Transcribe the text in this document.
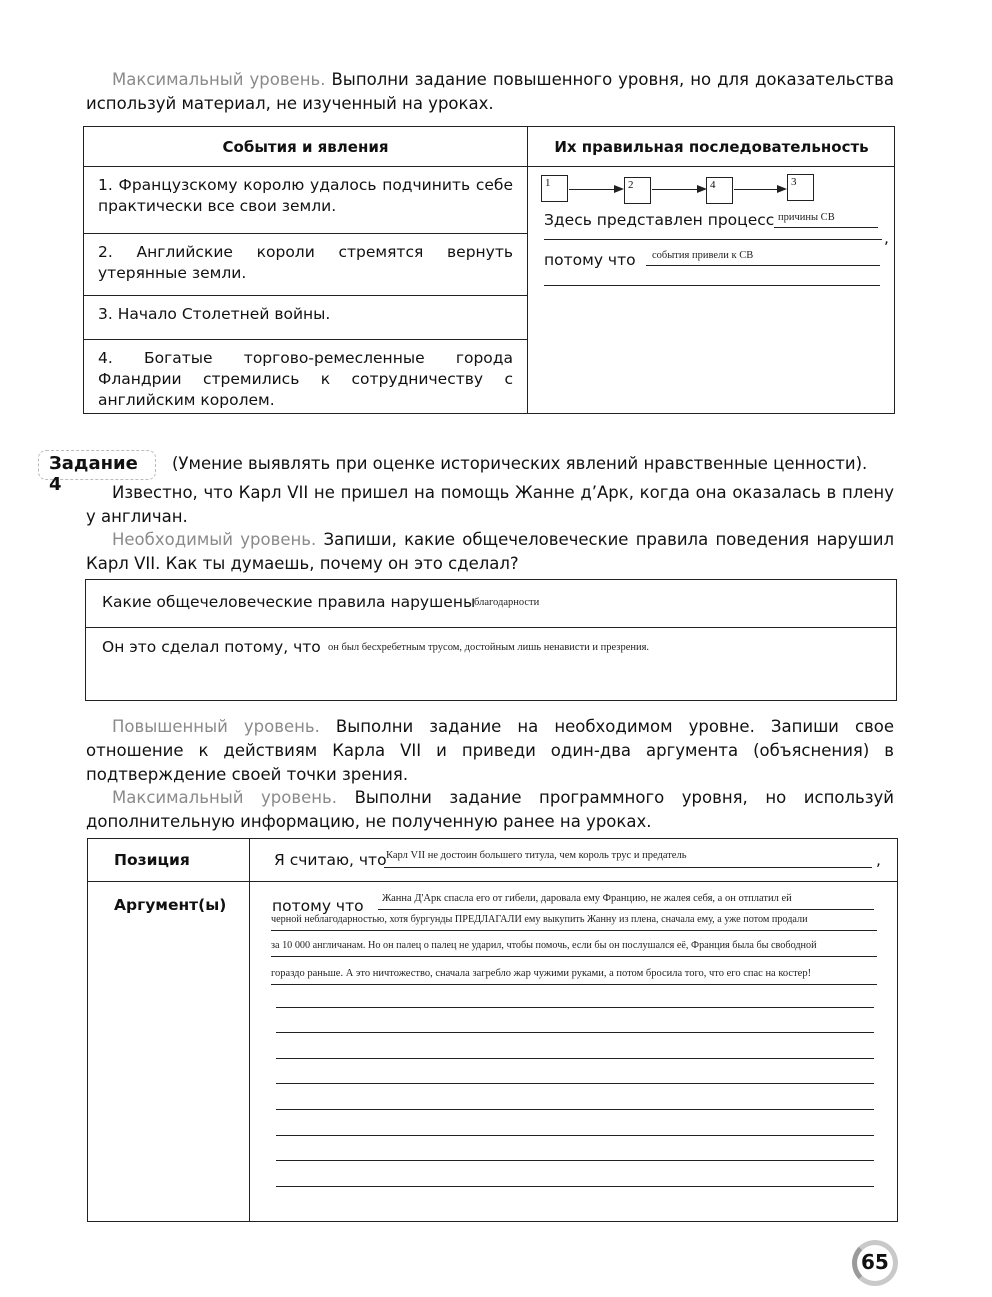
Максимальный уровень. Выполни задание повышенного уровня, но для доказательства используй материал, не изученный на уроках.
События и явления	Их правильная последовательность
1. Французскому королю удалось подчинить себе практически все свои земли.
2. Английские короли стремятся вернуть утерянные земли.
3. Начало Столетней войны.
4. Богатые торгово-ремесленные города Фландрии стремились к сотрудничеству с английским королем.
1	2	4	3
Здесь представлен процесс причины СВ
,
потому что события привели к СВ
Задание 4
(Умение выявлять при оценке исторических явлений нравственные ценности).
Известно, что Карл VII не пришел на помощь Жанне д’Арк, когда она оказалась в плену у англичан.
Необходимый уровень. Запиши, какие общечеловеческие правила поведения нарушил Карл VII. Как ты думаешь, почему он это сделал?
Какие общечеловеческие правила нарушены
благодарности
Он это сделал потому, что он был бесхребетным трусом, достойным лишь ненависти и презрения.
Повышенный уровень. Выполни задание на необходимом уровне. Запиши свое отношение к действиям Карла VII и приведи один-два аргумента (объяснения) в подтверждение своей точки зрения.
Максимальный уровень. Выполни задание программного уровня, но используй дополнительную информацию, не полученную ранее на уроках.
Позиция	Я считаю, что Карл VII не достоин большего титула, чем король трус и предатель	,
Аргумент(ы)	потому что Жанна Д'Арк спасла его от гибели, даровала ему Францию, не жалея себя, а он отплатил ей
черной неблагодарностью, хотя бургунды ПРЕДЛАГАЛИ ему выкупить Жанну из плена, сначала ему, а уже потом продали
за 10 000 англичанам. Но он палец о палец не ударил, чтобы помочь, если бы он послушался её, Франция была бы свободной
гораздо раньше. А это ничтожество, сначала загребло жар чужими руками, а потом бросила того, что его спас на костер!
65
